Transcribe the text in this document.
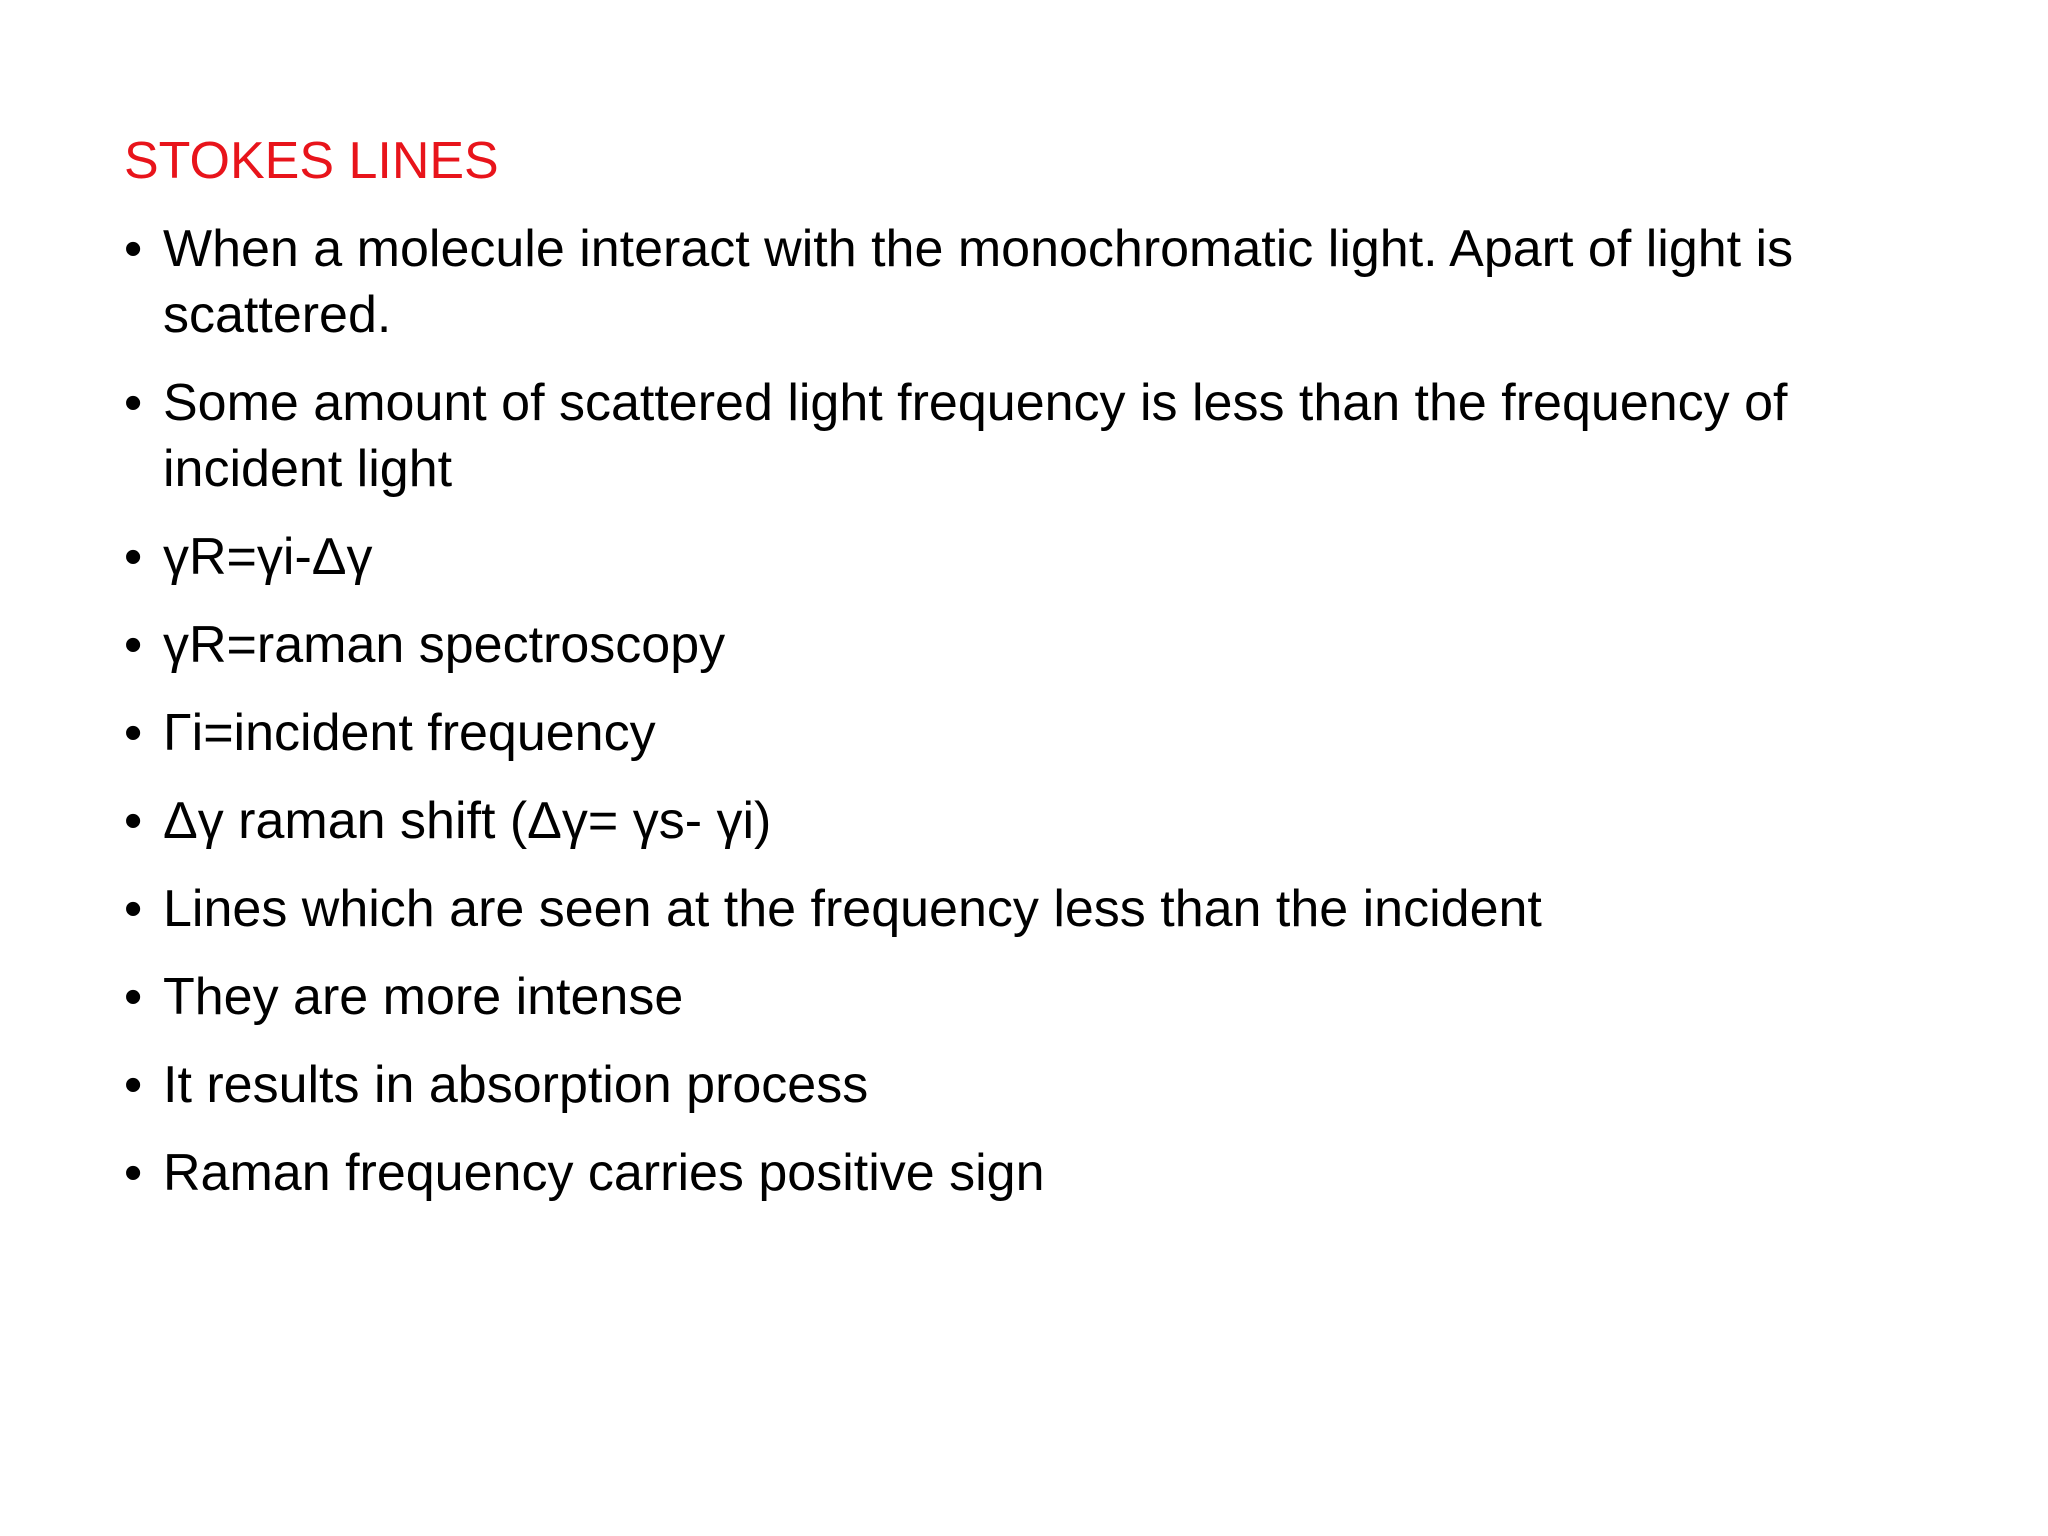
STOKES LINES
• When a molecule interact with the monochromatic light. Apart of light is scattered.
• Some amount of scattered light frequency is less than the frequency of incident light
• γR=γi-Δγ
• γR=raman spectroscopy
• Γi=incident frequency
• Δγ raman shift (Δγ= γs- γi)
• Lines which are seen at the frequency less than the incident
• They are more intense
• It results in absorption process
• Raman frequency carries positive sign
